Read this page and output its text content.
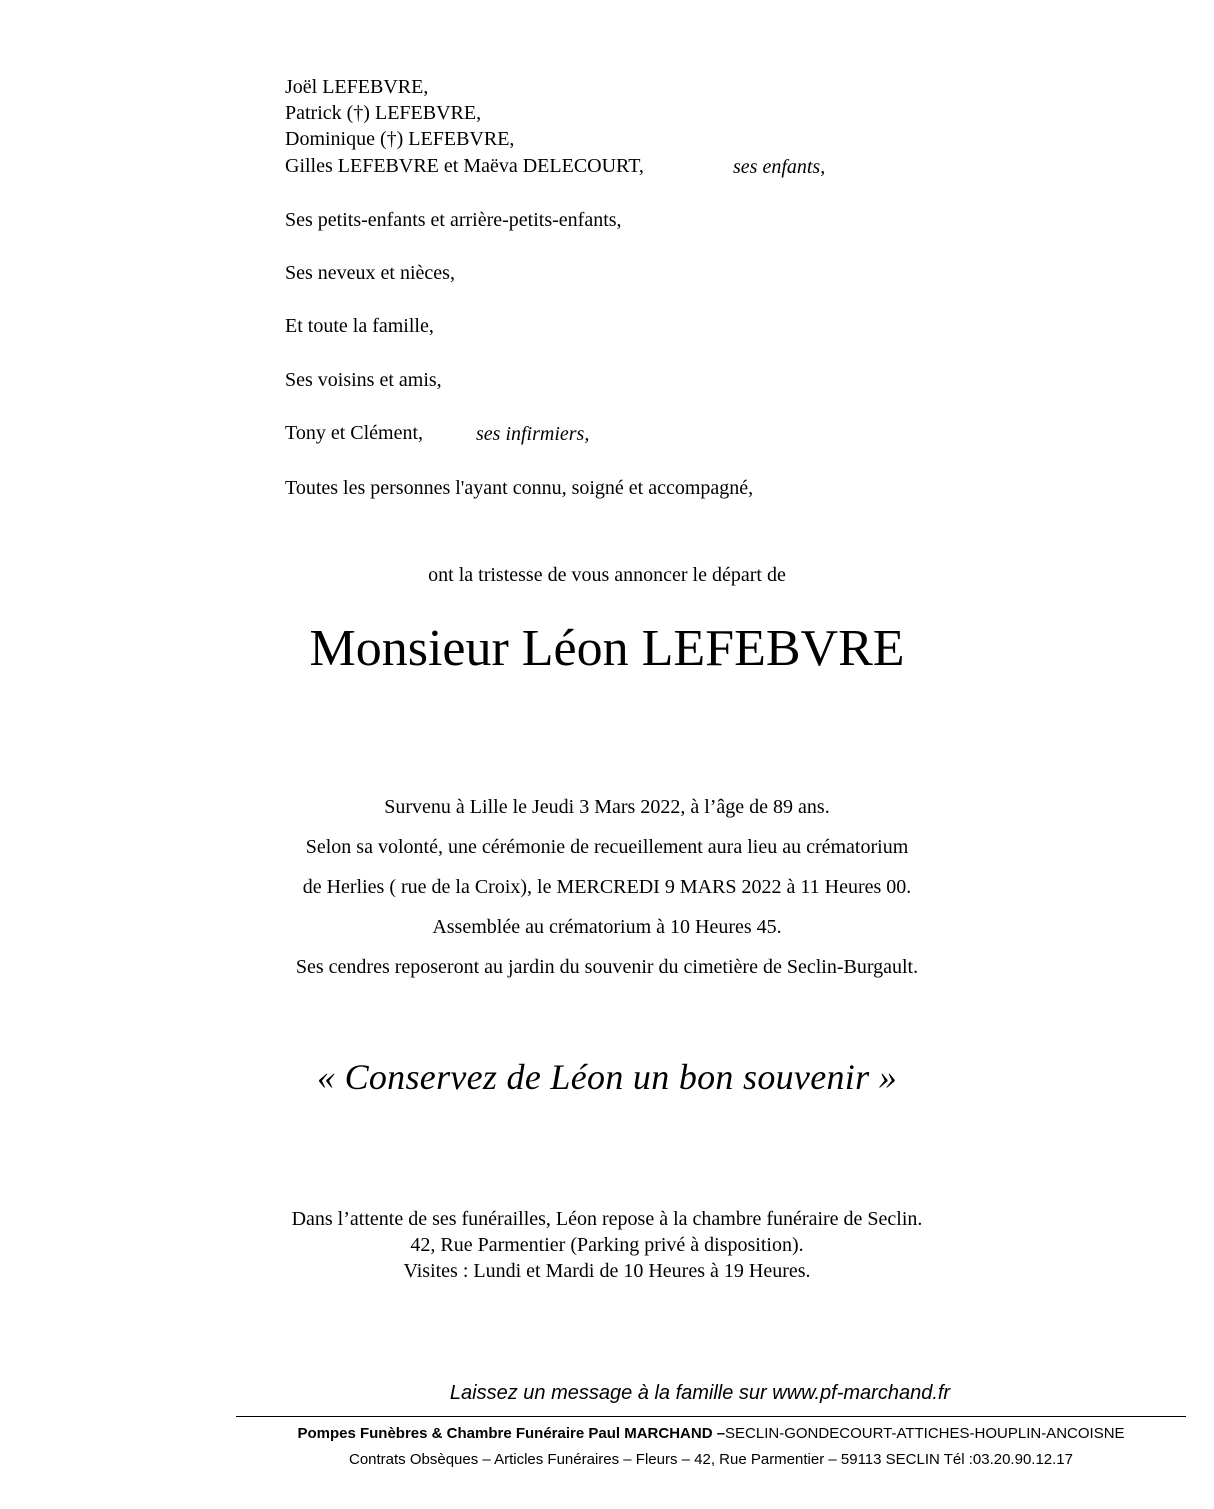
Joël LEFEBVRE,
Patrick (†) LEFEBVRE,
Dominique (†) LEFEBVRE,
Gilles LEFEBVRE et Maëva DELECOURT,	ses enfants,
Ses petits-enfants et arrière-petits-enfants,
Ses neveux et nièces,
Et toute la famille,
Ses voisins et amis,
Tony et Clément,	ses infirmiers,
Toutes les personnes l'ayant connu, soigné et accompagné,
ont la tristesse de vous annoncer le départ de
Monsieur Léon LEFEBVRE
Survenu à Lille le Jeudi 3 Mars 2022, à l’âge de 89 ans.
Selon sa volonté, une cérémonie de recueillement aura lieu au crématorium
de Herlies ( rue de la Croix), le MERCREDI 9 MARS 2022 à 11 Heures 00.
Assemblée au crématorium à 10 Heures 45.
Ses cendres reposeront au jardin du souvenir du cimetière de Seclin-Burgault.
« Conservez de Léon un bon souvenir »
Dans l’attente de ses funérailles, Léon repose à la chambre funéraire de Seclin.
42, Rue Parmentier (Parking privé à disposition).
Visites : Lundi et Mardi de 10 Heures à 19 Heures.
Laissez un message à la famille sur www.pf-marchand.fr
Pompes Funèbres & Chambre Funéraire Paul MARCHAND –SECLIN-GONDECOURT-ATTICHES-HOUPLIN-ANCOISNE
Contrats Obsèques – Articles Funéraires – Fleurs – 42, Rue Parmentier – 59113 SECLIN Tél :03.20.90.12.17
